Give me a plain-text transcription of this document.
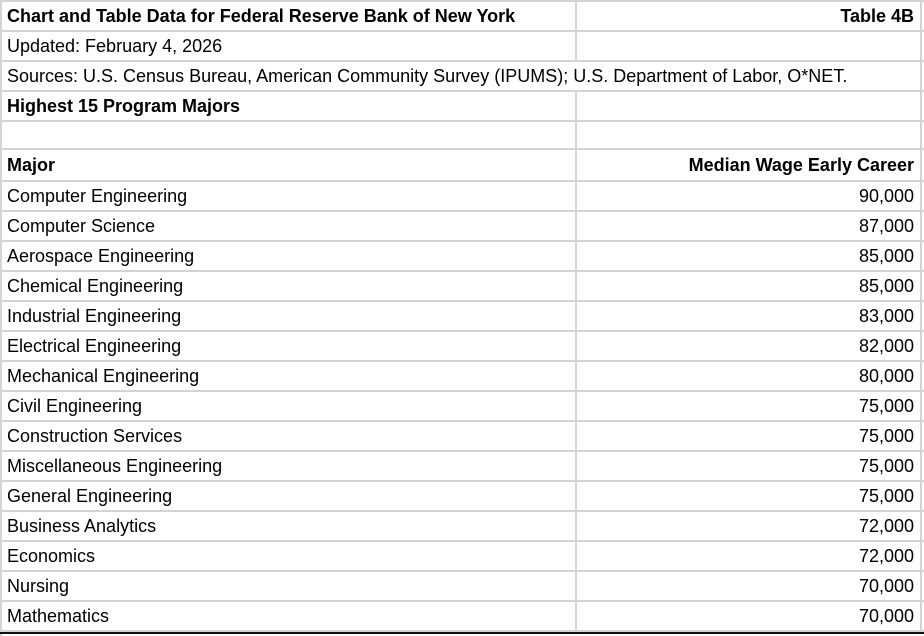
Chart and Table Data for Federal Reserve Bank of New York	Table 4B
Updated: February 4, 2026
Sources: U.S. Census Bureau, American Community Survey (IPUMS); U.S. Department of Labor, O*NET.
Highest 15 Program Majors
Major	Median Wage Early Career
Computer Engineering	90,000
Computer Science	87,000
Aerospace Engineering	85,000
Chemical Engineering	85,000
Industrial Engineering	83,000
Electrical Engineering	82,000
Mechanical Engineering	80,000
Civil Engineering	75,000
Construction Services	75,000
Miscellaneous Engineering	75,000
General Engineering	75,000
Business Analytics	72,000
Economics	72,000
Nursing	70,000
Mathematics	70,000
